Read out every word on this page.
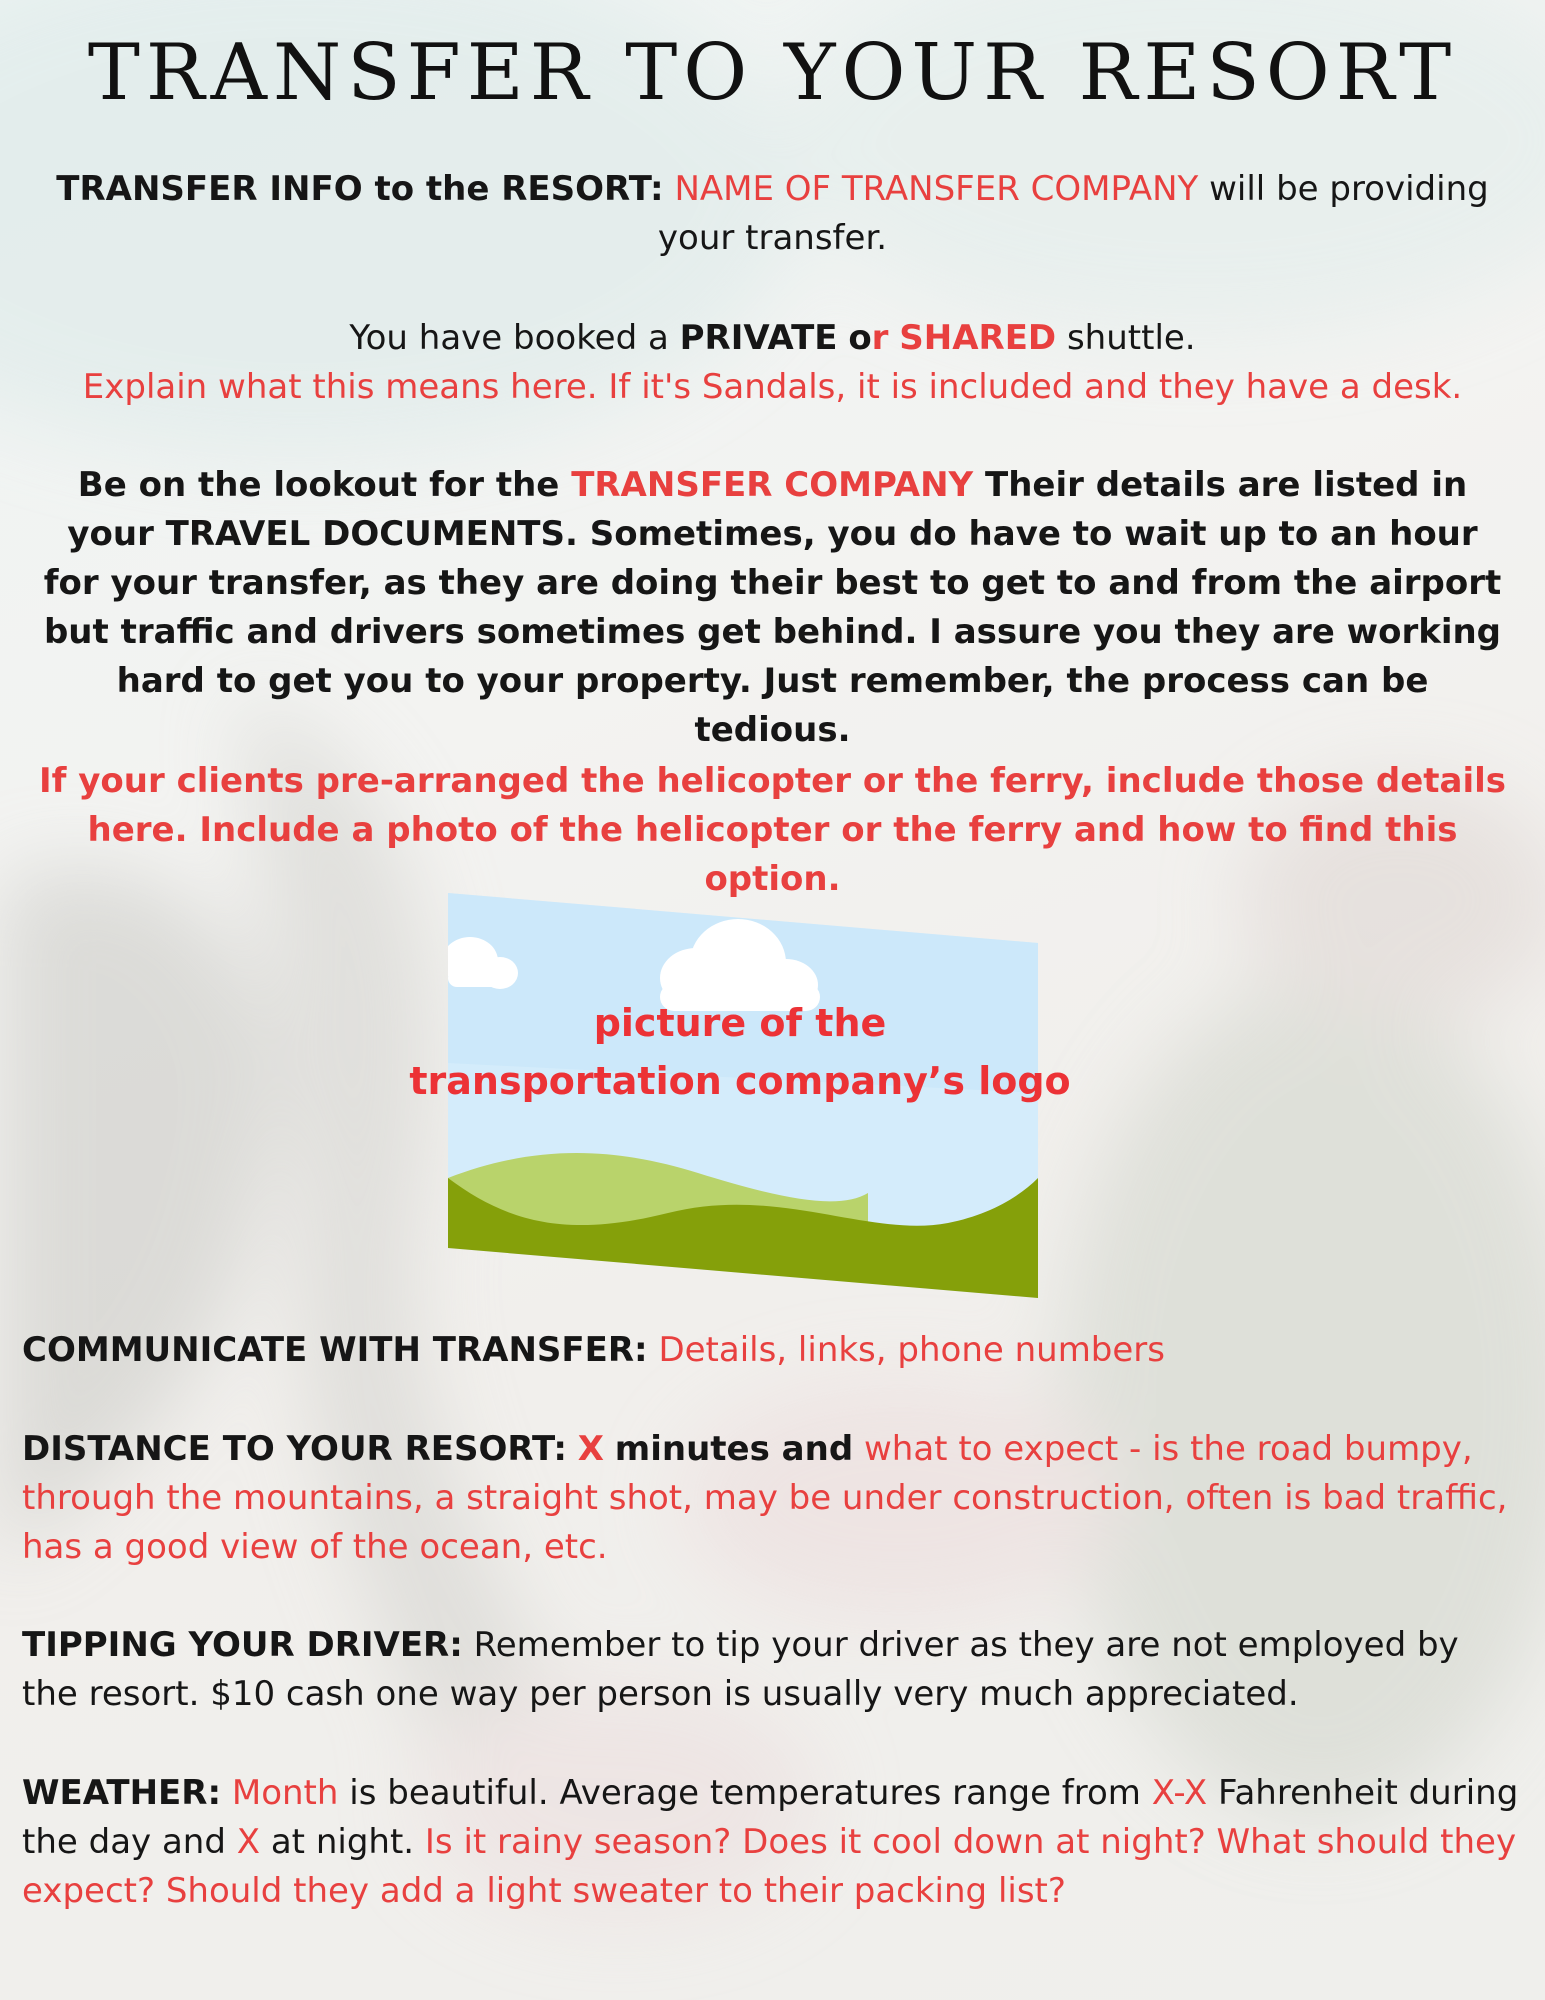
TRANSFER TO YOUR RESORT
TRANSFER INFO to the RESORT: NAME OF TRANSFER COMPANY will be providing your transfer.
You have booked a PRIVATE or SHARED shuttle.
Explain what this means here. If it's Sandals, it is included and they have a desk.
Be on the lookout for the TRANSFER COMPANY Their details are listed in your TRAVEL DOCUMENTS. Sometimes, you do have to wait up to an hour for your transfer, as they are doing their best to get to and from the airport but traffic and drivers sometimes get behind. I assure you they are working hard to get you to your property. Just remember, the process can be tedious.
If your clients pre-arranged the helicopter or the ferry, include those details here. Include a photo of the helicopter or the ferry and how to find this option.
picture of the
transportation company’s logo
COMMUNICATE WITH TRANSFER: Details, links, phone numbers
DISTANCE TO YOUR RESORT: X minutes and what to expect - is the road bumpy, through the mountains, a straight shot, may be under construction, often is bad traffic, has a good view of the ocean, etc.
TIPPING YOUR DRIVER: Remember to tip your driver as they are not employed by the resort. $10 cash one way per person is usually very much appreciated.
WEATHER: Month is beautiful. Average temperatures range from X-X Fahrenheit during the day and X at night. Is it rainy season? Does it cool down at night? What should they expect? Should they add a light sweater to their packing list?
